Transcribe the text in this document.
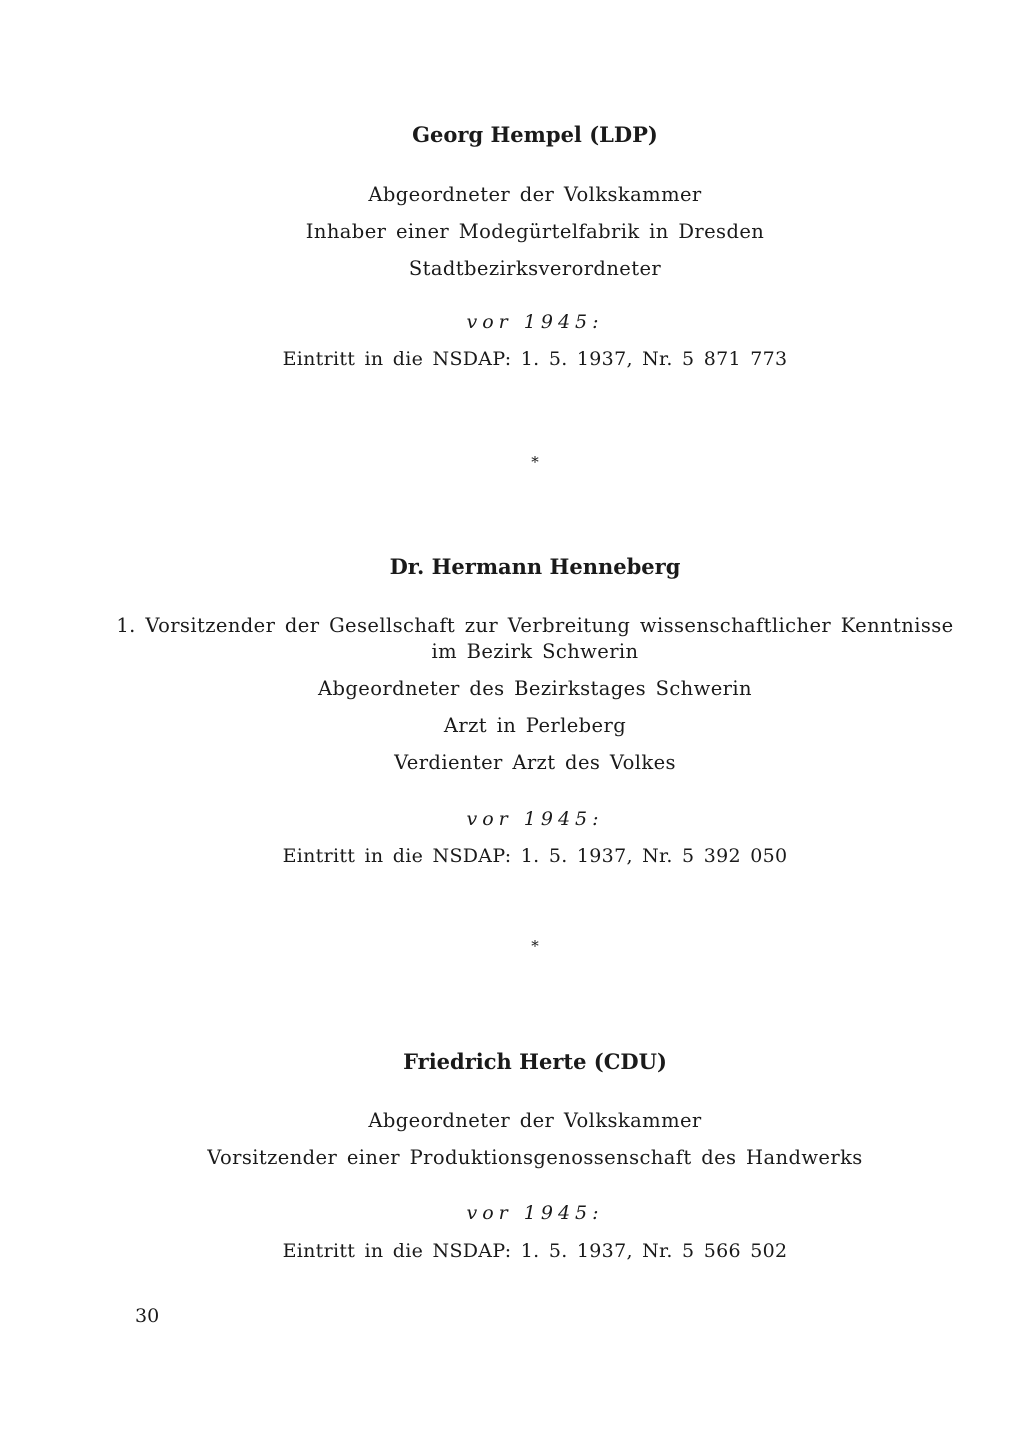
Georg Hempel (LDP)
Abgeordneter der Volkskammer
Inhaber einer Modegürtelfabrik in Dresden
Stadtbezirksverordneter
vor 1945:
Eintritt in die NSDAP: 1. 5. 1937, Nr. 5 871 773
*
Dr. Hermann Henneberg
1. Vorsitzender der Gesellschaft zur Verbreitung wissenschaftlicher Kenntnisse
im Bezirk Schwerin
Abgeordneter des Bezirkstages Schwerin
Arzt in Perleberg
Verdienter Arzt des Volkes
vor 1945:
Eintritt in die NSDAP: 1. 5. 1937, Nr. 5 392 050
*
Friedrich Herte (CDU)
Abgeordneter der Volkskammer
Vorsitzender einer Produktionsgenossenschaft des Handwerks
vor 1945:
Eintritt in die NSDAP: 1. 5. 1937, Nr. 5 566 502
30
